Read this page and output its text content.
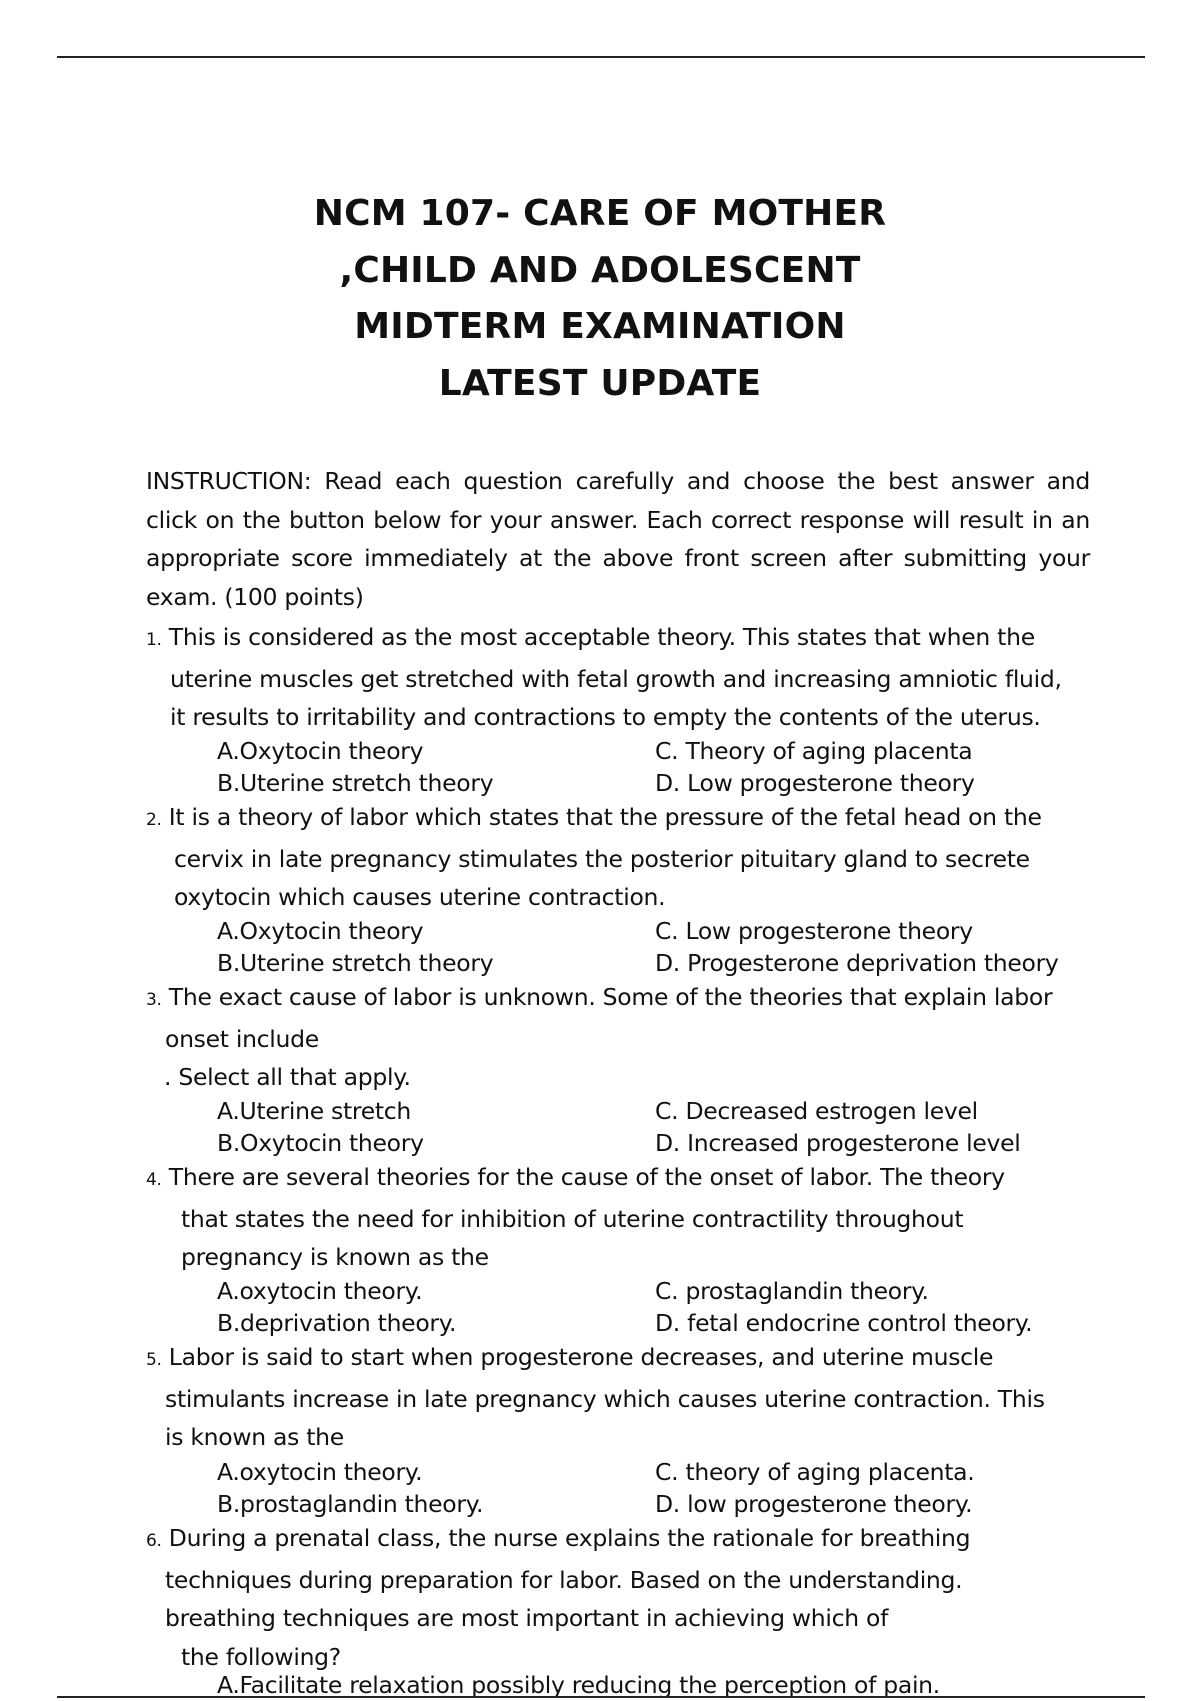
NCM 107- CARE OF MOTHER
,CHILD AND ADOLESCENT
MIDTERM EXAMINATION
LATEST UPDATE
INSTRUCTION: Read each question carefully and choose the best answer and click on the button below for your answer. Each correct response will result in an appropriate score immediately at the above front screen after submitting your exam. (100 points)
1. This is considered as the most acceptable theory. This states that when the
uterine muscles get stretched with fetal growth and increasing amniotic fluid,
it results to irritability and contractions to empty the contents of the uterus.
A.Oxytocin theory
B.Uterine stretch theory
C. Theory of aging placenta
D. Low progesterone theory
2. It is a theory of labor which states that the pressure of the fetal head on the
cervix in late pregnancy stimulates the posterior pituitary gland to secrete
oxytocin which causes uterine contraction.
A.Oxytocin theory
B.Uterine stretch theory
C. Low progesterone theory
D. Progesterone deprivation theory
3. The exact cause of labor is unknown. Some of the theories that explain labor
onset include
. Select all that apply.
A.Uterine stretch
B.Oxytocin theory
C. Decreased estrogen level
D. Increased progesterone level
4. There are several theories for the cause of the onset of labor. The theory
that states the need for inhibition of uterine contractility throughout
pregnancy is known as the
A.oxytocin theory.
B.deprivation theory.
C. prostaglandin theory.
D. fetal endocrine control theory.
5. Labor is said to start when progesterone decreases, and uterine muscle
stimulants increase in late pregnancy which causes uterine contraction. This
is known as the
A.oxytocin theory.
B.prostaglandin theory.
C. theory of aging placenta.
D. low progesterone theory.
6. During a prenatal class, the nurse explains the rationale for breathing
techniques during preparation for labor. Based on the understanding.
breathing techniques are most important in achieving which of
the following?
A.Facilitate relaxation possibly reducing the perception of pain.
